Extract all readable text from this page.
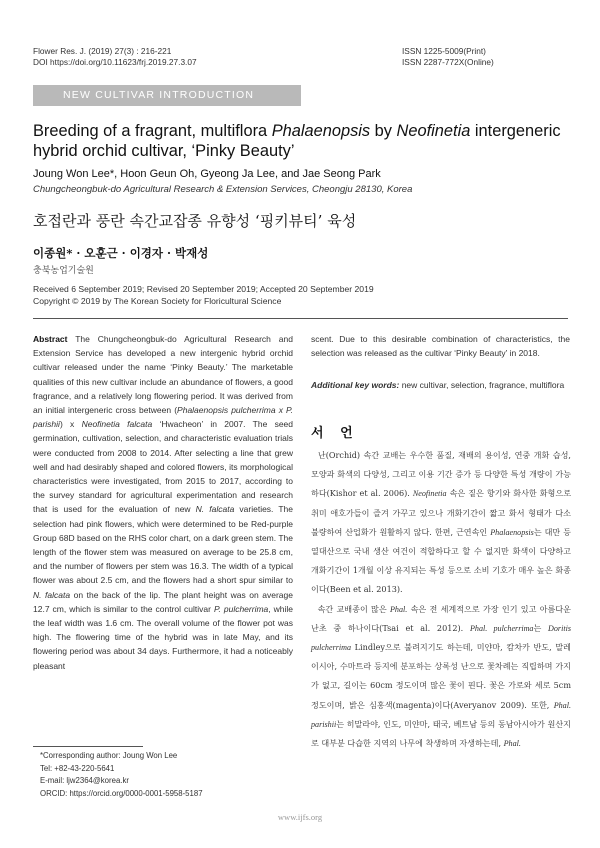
Flower Res. J. (2019) 27(3) : 216-221
DOI https://doi.org/10.11623/frj.2019.27.3.07
ISSN 1225-5009(Print)
ISSN 2287-772X(Online)
NEW CULTIVAR INTRODUCTION
Breeding of a fragrant, multiflora Phalaenopsis by Neofinetia intergeneric
hybrid orchid cultivar, ‘Pinky Beauty’
Joung Won Lee*, Hoon Geun Oh, Gyeong Ja Lee, and Jae Seong Park
Chungcheongbuk-do Agricultural Research & Extension Services, Cheongju 28130, Korea
호접란과 풍란 속간교잡종 유향성 ‘핑키뷰티’ 육성
이종원* · 오훈근 · 이경자 · 박재성
충북농업기술원
Received 6 September 2019; Revised 20 September 2019; Accepted 20 September 2019
Copyright © 2019 by The Korean Society for Floricultural Science
Abstract The Chungcheongbuk-do Agricultural Research and Extension Service has developed a new intergenic hybrid orchid cultivar released under the name ‘Pinky Beauty.’ The marketable qualities of this new cultivar include an abundance of flowers, a good fragrance, and a relatively long flowering period. It was derived from an initial intergeneric cross between (Phalaenopsis pulcherrima x P. parishii) x Neofinetia falcata ‘Hwacheon’ in 2007. The seed germination, cultivation, selection, and characteristic evaluation trials were conducted from 2008 to 2014. After selecting a line that grew well and had desirably shaped and colored flowers, its morphological characteristics were investigated, from 2015 to 2017, according to the survey standard for agricultural experimentation and research that is used for the evaluation of new N. falcata varieties. The selection had pink flowers, which were determined to be Red-purple Group 68D based on the RHS color chart, on a dark green stem. The length of the flower stem was measured on average to be 25.8 cm, and the number of flowers per stem was 16.3. The width of a typical flower was about 2.5 cm, and the flowers had a short spur similar to N. falcata on the back of the lip. The plant height was on average 12.7 cm, which is similar to the control cultivar P. pulcherrima, while the leaf width was 1.6 cm. The overall volume of the flower pot was high. The flowering time of the hybrid was in late May, and its flowering period was about 34 days. Furthermore, it had a noticeably pleasant
scent. Due to this desirable combination of characteristics, the selection was released as the cultivar ‘Pinky Beauty’ in 2018.
Additional key words: new cultivar, selection, fragrance, multiflora
서 언
난(Orchid) 속간 교배는 우수한 품질, 재배의 용이성, 연중 개화 습성, 모양과 화색의 다양성, 그리고 이용 기간 증가 등 다양한 특성 개량이 가능하다(Kishor et al. 2006). Neofinetia 속은 짙은 향기와 화사한 화형으로 취미 애호가들이 즐겨 가꾸고 있으나 개화기간이 짧고 화서 형태가 다소 불량하여 산업화가 원활하지 않다. 한편, 근연속인 Phalaenopsis는 대만 등 열대산으로 국내 생산 여건이 적합하다고 할 수 없지만 화색이 다양하고 개화기간이 1개월 이상 유지되는 특성 등으로 소비 기호가 매우 높은 화종이다(Been et al. 2013).
속간 교배종이 많은 Phal. 속은 전 세계적으로 가장 인기 있고 아름다운 난초 중 하나이다(Tsai et al. 2012). Phal. pulcherrima는 Doritis pulcherrima Lindley으로 불려지기도 하는데, 미얀마, 캄차카 반도, 말레이시아, 수마트라 등지에 분포하는 상록성 난으로 꽃차례는 직립하며 가지가 없고, 길이는 60cm 정도이며 많은 꽃이 핀다. 꽃은 가로와 세로 5cm 정도이며, 밝은 심홍색(magenta)이다(Averyanov 2009). 또한, Phal. parishii는 히말라야, 인도, 미얀마, 태국, 베트남 등의 동남아시아가 원산지로 대부분 다습한 지역의 나무에 착생하며 자생하는데, Phal.
*Corresponding author: Joung Won Lee
Tel: +82-43-220-5641
E-mail: ljw2364@korea.kr
ORCID: https://orcid.org/0000-0001-5958-5187
www.ijfs.org
